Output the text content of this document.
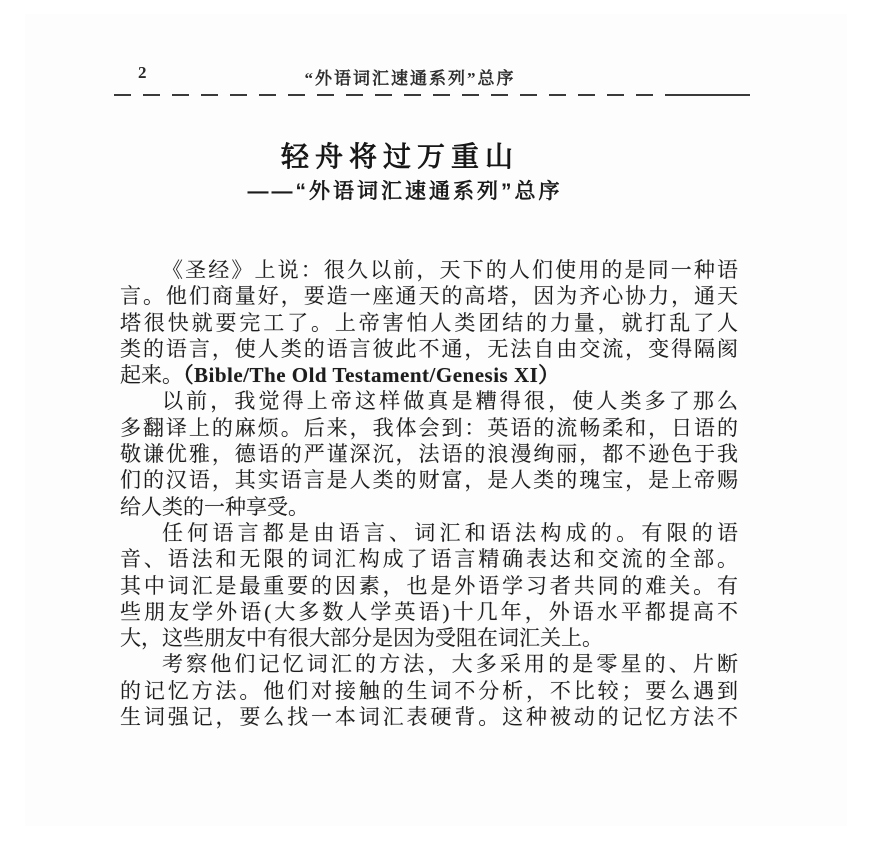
2	“外语词汇速通系列”总序
轻舟将过万重山
——“外语词汇速通系列”总序
《圣经》上说：很久以前，天下的人们使用的是同一种语
言。他们商量好，要造一座通天的高塔，因为齐心协力，通天
塔很快就要完工了。上帝害怕人类团结的力量，就打乱了人
类的语言，使人类的语言彼此不通，无法自由交流，变得隔阂
起来。（Bible/The Old Testament/Genesis XI）
以前，我觉得上帝这样做真是糟得很，使人类多了那么
多翻译上的麻烦。后来，我体会到：英语的流畅柔和，日语的
敬谦优雅，德语的严谨深沉，法语的浪漫绚丽，都不逊色于我
们的汉语，其实语言是人类的财富，是人类的瑰宝，是上帝赐
给人类的一种享受。
任何语言都是由语言、词汇和语法构成的。有限的语
音、语法和无限的词汇构成了语言精确表达和交流的全部。
其中词汇是最重要的因素，也是外语学习者共同的难关。有
些朋友学外语(大多数人学英语)十几年，外语水平都提高不
大，这些朋友中有很大部分是因为受阻在词汇关上。
考察他们记忆词汇的方法，大多采用的是零星的、片断
的记忆方法。他们对接触的生词不分析，不比较；要么遇到
生词强记，要么找一本词汇表硬背。这种被动的记忆方法不
